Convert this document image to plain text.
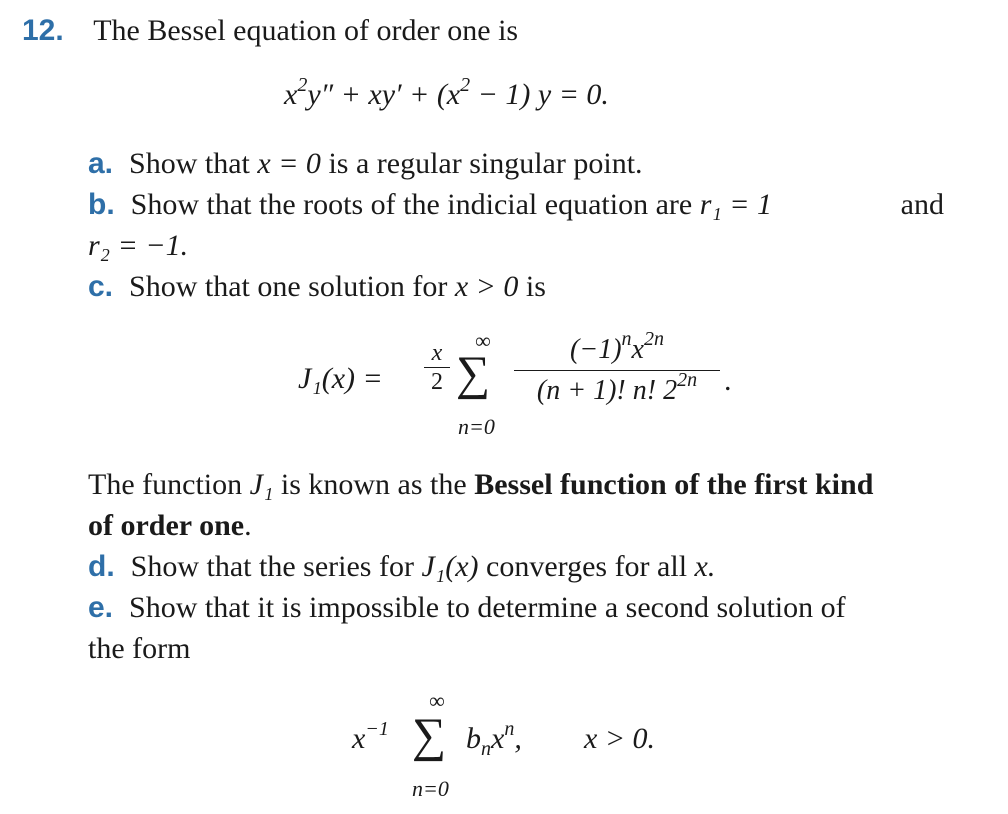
12. The Bessel equation of order one is
$x^2y'' + xy' + (x^2 - 1) y = 0$.
a. Show that x = 0 is a regular singular point.
b. Show that the roots of the indicial equation are r₁ = 1	and
r₂ = −1.
c. Show that one solution for x > 0 is
J₁(x) =
x
2
∞
∑
n=0
$(-1)^nx^{2n}$
(n + 1)! n! $2^{2n}$ .
The function J₁ is known as the Bessel function of the first kind
of order one.
d. Show that the series for J₁(x) converges for all x.
e. Show that it is impossible to determine a second solution of
the form
$x^{-1}$
∞
∑
n=0
$b_nx^n$, x > 0.
